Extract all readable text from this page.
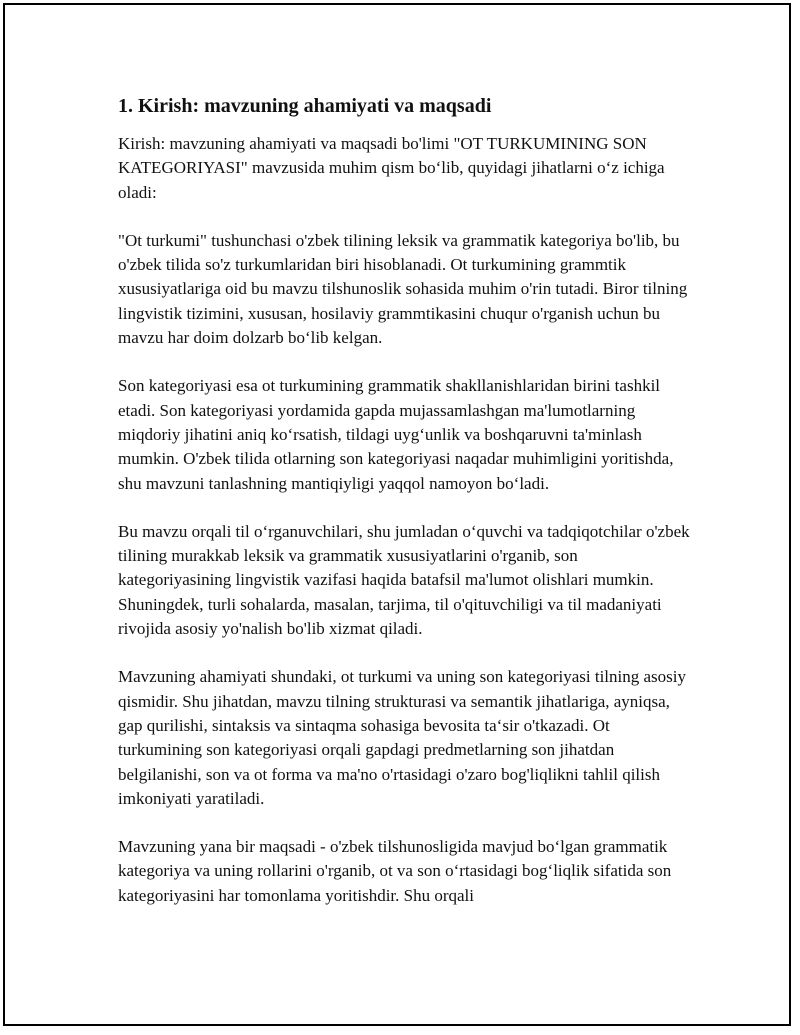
1. Kirish: mavzuning ahamiyati va maqsadi

Kirish: mavzuning ahamiyati va maqsadi bo'limi "OT TURKUMINING SON KATEGORIYASI" mavzusida muhim qism bo‘lib, quyidagi jihatlarni o‘z ichiga oladi:

"Ot turkumi" tushunchasi o'zbek tilining leksik va grammatik kategoriya bo'lib, bu o'zbek tilida so'z turkumlaridan biri hisoblanadi. Ot turkumining grammtik xususiyatlariga oid bu mavzu tilshunoslik sohasida muhim o'rin tutadi. Biror tilning lingvistik tizimini, xususan, hosilaviy grammtikasini chuqur o'rganish uchun bu mavzu har doim dolzarb bo‘lib kelgan.

Son kategoriyasi esa ot turkumining grammatik shakllanishlaridan birini tashkil etadi. Son kategoriyasi yordamida gapda mujassamlashgan ma'lumotlarning miqdoriy jihatini aniq ko‘rsatish, tildagi uyg‘unlik va boshqaruvni ta'minlash mumkin. O'zbek tilida otlarning son kategoriyasi naqadar muhimligini yoritishda, shu mavzuni tanlashning mantiqiyligi yaqqol namoyon bo‘ladi.

Bu mavzu orqali til o‘rganuvchilari, shu jumladan o‘quvchi va tadqiqotchilar o'zbek tilining murakkab leksik va grammatik xususiyatlarini o'rganib, son kategoriyasining lingvistik vazifasi haqida batafsil ma'lumot olishlari mumkin. Shuningdek, turli sohalarda, masalan, tarjima, til o'qituvchiligi va til madaniyati rivojida asosiy yo'nalish bo'lib xizmat qiladi.

Mavzuning ahamiyati shundaki, ot turkumi va uning son kategoriyasi tilning asosiy qismidir. Shu jihatdan, mavzu tilning strukturasi va semantik jihatlariga, ayniqsa, gap qurilishi, sintaksis va sintaqma sohasiga bevosita ta‘sir o'tkazadi. Ot turkumining son kategoriyasi orqali gapdagi predmetlarning son jihatdan belgilanishi, son va ot forma va ma'no o'rtasidagi o'zaro bog'liqlikni tahlil qilish imkoniyati yaratiladi.

Mavzuning yana bir maqsadi - o'zbek tilshunosligida mavjud bo‘lgan grammatik kategoriya va uning rollarini o'rganib, ot va son o‘rtasidagi bog‘liqlik sifatida son kategoriyasini har tomonlama yoritishdir. Shu orqali
